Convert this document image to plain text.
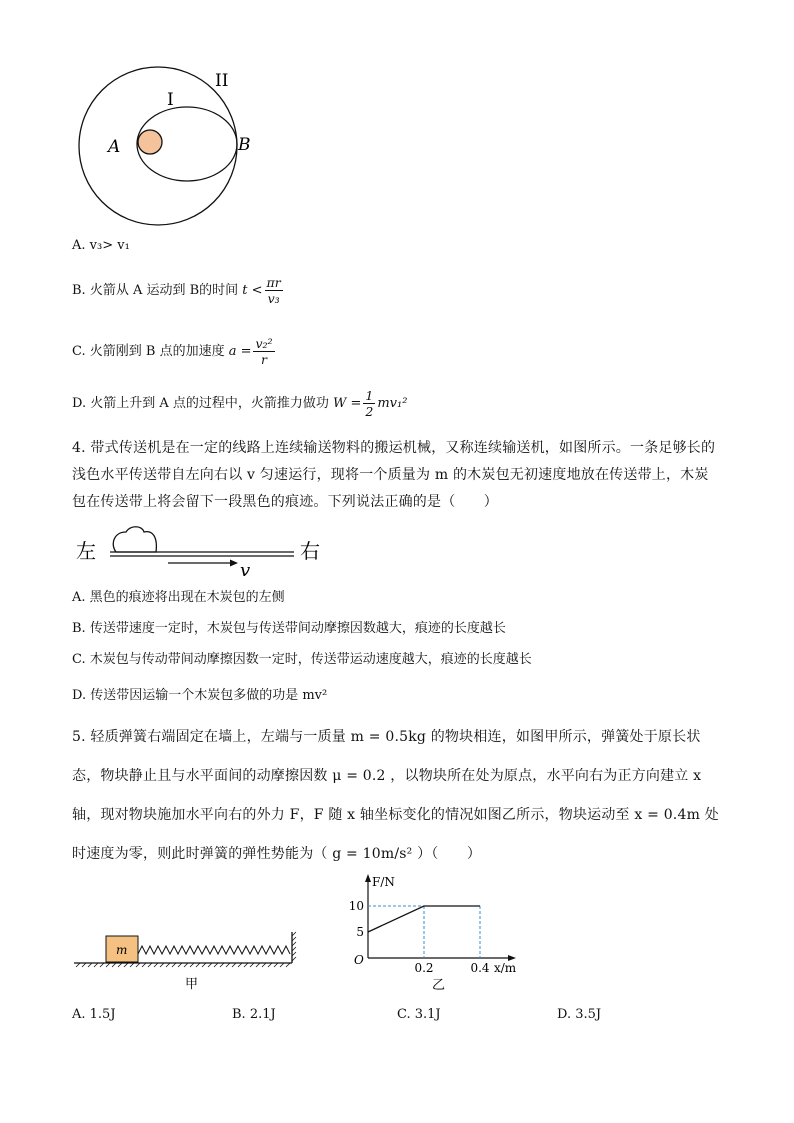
II
I
A	B
A. v₃> v₁
B. 火箭从 A 运动到 B的时间 $t < \frac{\pi r}{\text{v₃}}$
C. 火箭刚到 B 点的加速度 $a = \frac{\text{v₂²}}{r}$
D. 火箭上升到 A 点的过程中，火箭推力做功 $W = \frac{1}{2} mv_1^2$
4. 带式传送机是在一定的线路上连续输送物料的搬运机械，又称连续输送机，如图所示。一条足够长的浅色水平传送带自左向右以 v 匀速运行，现将一个质量为 m 的木炭包无初速度地放在传送带上，木炭包在传送带上将会留下一段黑色的痕迹。下列说法正确的是（　　）
左
v
右
A. 黑色的痕迹将出现在木炭包的左侧
B. 传送带速度一定时，木炭包与传送带间动摩擦因数越大，痕迹的长度越长
C. 木炭包与传动带间动摩擦因数一定时，传送带运动速度越大，痕迹的长度越长
D. 传送带因运输一个木炭包多做的功是 mv²
5. 轻质弹簧右端固定在墙上，左端与一质量 m = 0.5kg 的物块相连，如图甲所示，弹簧处于原长状态，物块静止且与水平面间的动摩擦因数 μ = 0.2 ，以物块所在处为原点，水平向右为正方向建立 x 轴，现对物块施加水平向右的外力 F，F 随 x 轴坐标变化的情况如图乙所示，物块运动至 x = 0.4m 处时速度为零，则此时弹簧的弹性势能为（ g = 10m/s² ）（　　）
m
甲
5
10
0.2	0.4
F/N
x/m
O
乙
A. 1.5J	B. 2.1J	C. 3.1J	D. 3.5J
